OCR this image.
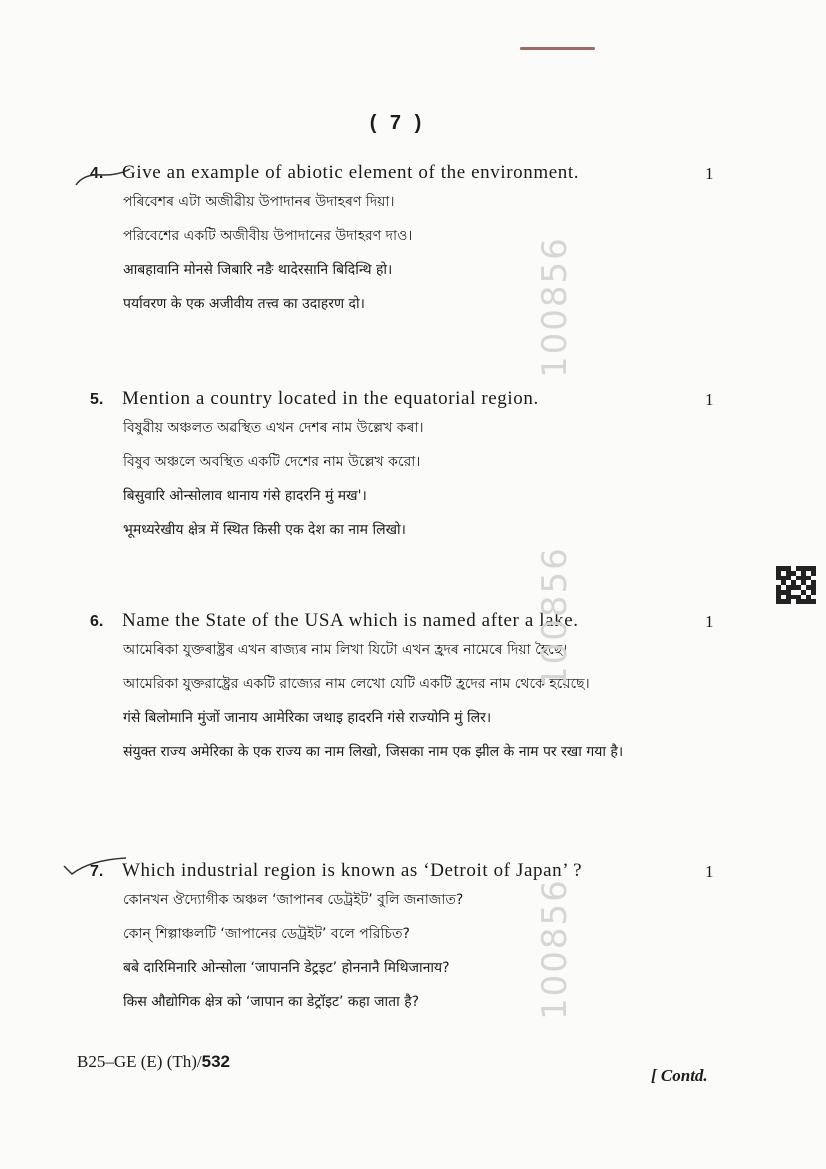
( 7 )
4. Give an example of abiotic element of the environment.	1
পৰিবেশৰ এটা অজীৱীয় উপাদানৰ উদাহৰণ দিয়া।
পরিবেশের একটি অজীবীয় উপাদানের উদাহরণ দাও।
आबहावानि मोनसे जिबारि नङै थादेरसानि बिदिन्थि हो।
पर्यावरण के एक अजीवीय तत्त्व का उदाहरण दो।
5. Mention a country located in the equatorial region.	1
বিষুৱীয় অঞ্চলত অৱস্থিত এখন দেশৰ নাম উল্লেখ কৰা।
বিষুব অঞ্চলে অবস্থিত একটি দেশের নাম উল্লেখ করো।
बिसुवारि ओन्सोलाव थानाय गंसे हादरनि मुं मख'।
भूमध्यरेखीय क्षेत्र में स्थित किसी एक देश का नाम लिखो।
6. Name the State of the USA which is named after a lake.	1
আমেৰিকা যুক্তৰাষ্ট্ৰৰ এখন ৰাজ্যৰ নাম লিখা যিটো এখন হ্ৰদৰ নামেৰে দিয়া হৈছে।
আমেরিকা যুক্তরাষ্ট্রের একটি রাজ্যের নাম লেখো যেটি একটি হ্রদের নাম থেকে হয়েছে।
गंसे बिलोमानि मुंजों जानाय आमेरिका जथाइ हादरनि गंसे राज्योनि मुं लिर।
संयुक्त राज्य अमेरिका के एक राज्य का नाम लिखो, जिसका नाम एक झील के नाम पर रखा गया है।
7. Which industrial region is known as ‘Detroit of Japan’ ?	1
কোনখন ঔদ্যোগীক অঞ্চল ‘জাপানৰ ডেট্ৰইট’ বুলি জনাজাত?
কোন্ শিল্পাঞ্চলটি ‘জাপানের ডেট্রইট’ বলে পরিচিত?
बबे दारिमिनारि ओन्सोला ‘जापाननि डेट्रइट’ होननानै मिथिजानाय?
किस औद्योगिक क्षेत्र को ‘जापान का डेट्रॉइट’ कहा जाता है?
100856
100856
100856
B25–GE (E) (Th)/532
[ Contd.
